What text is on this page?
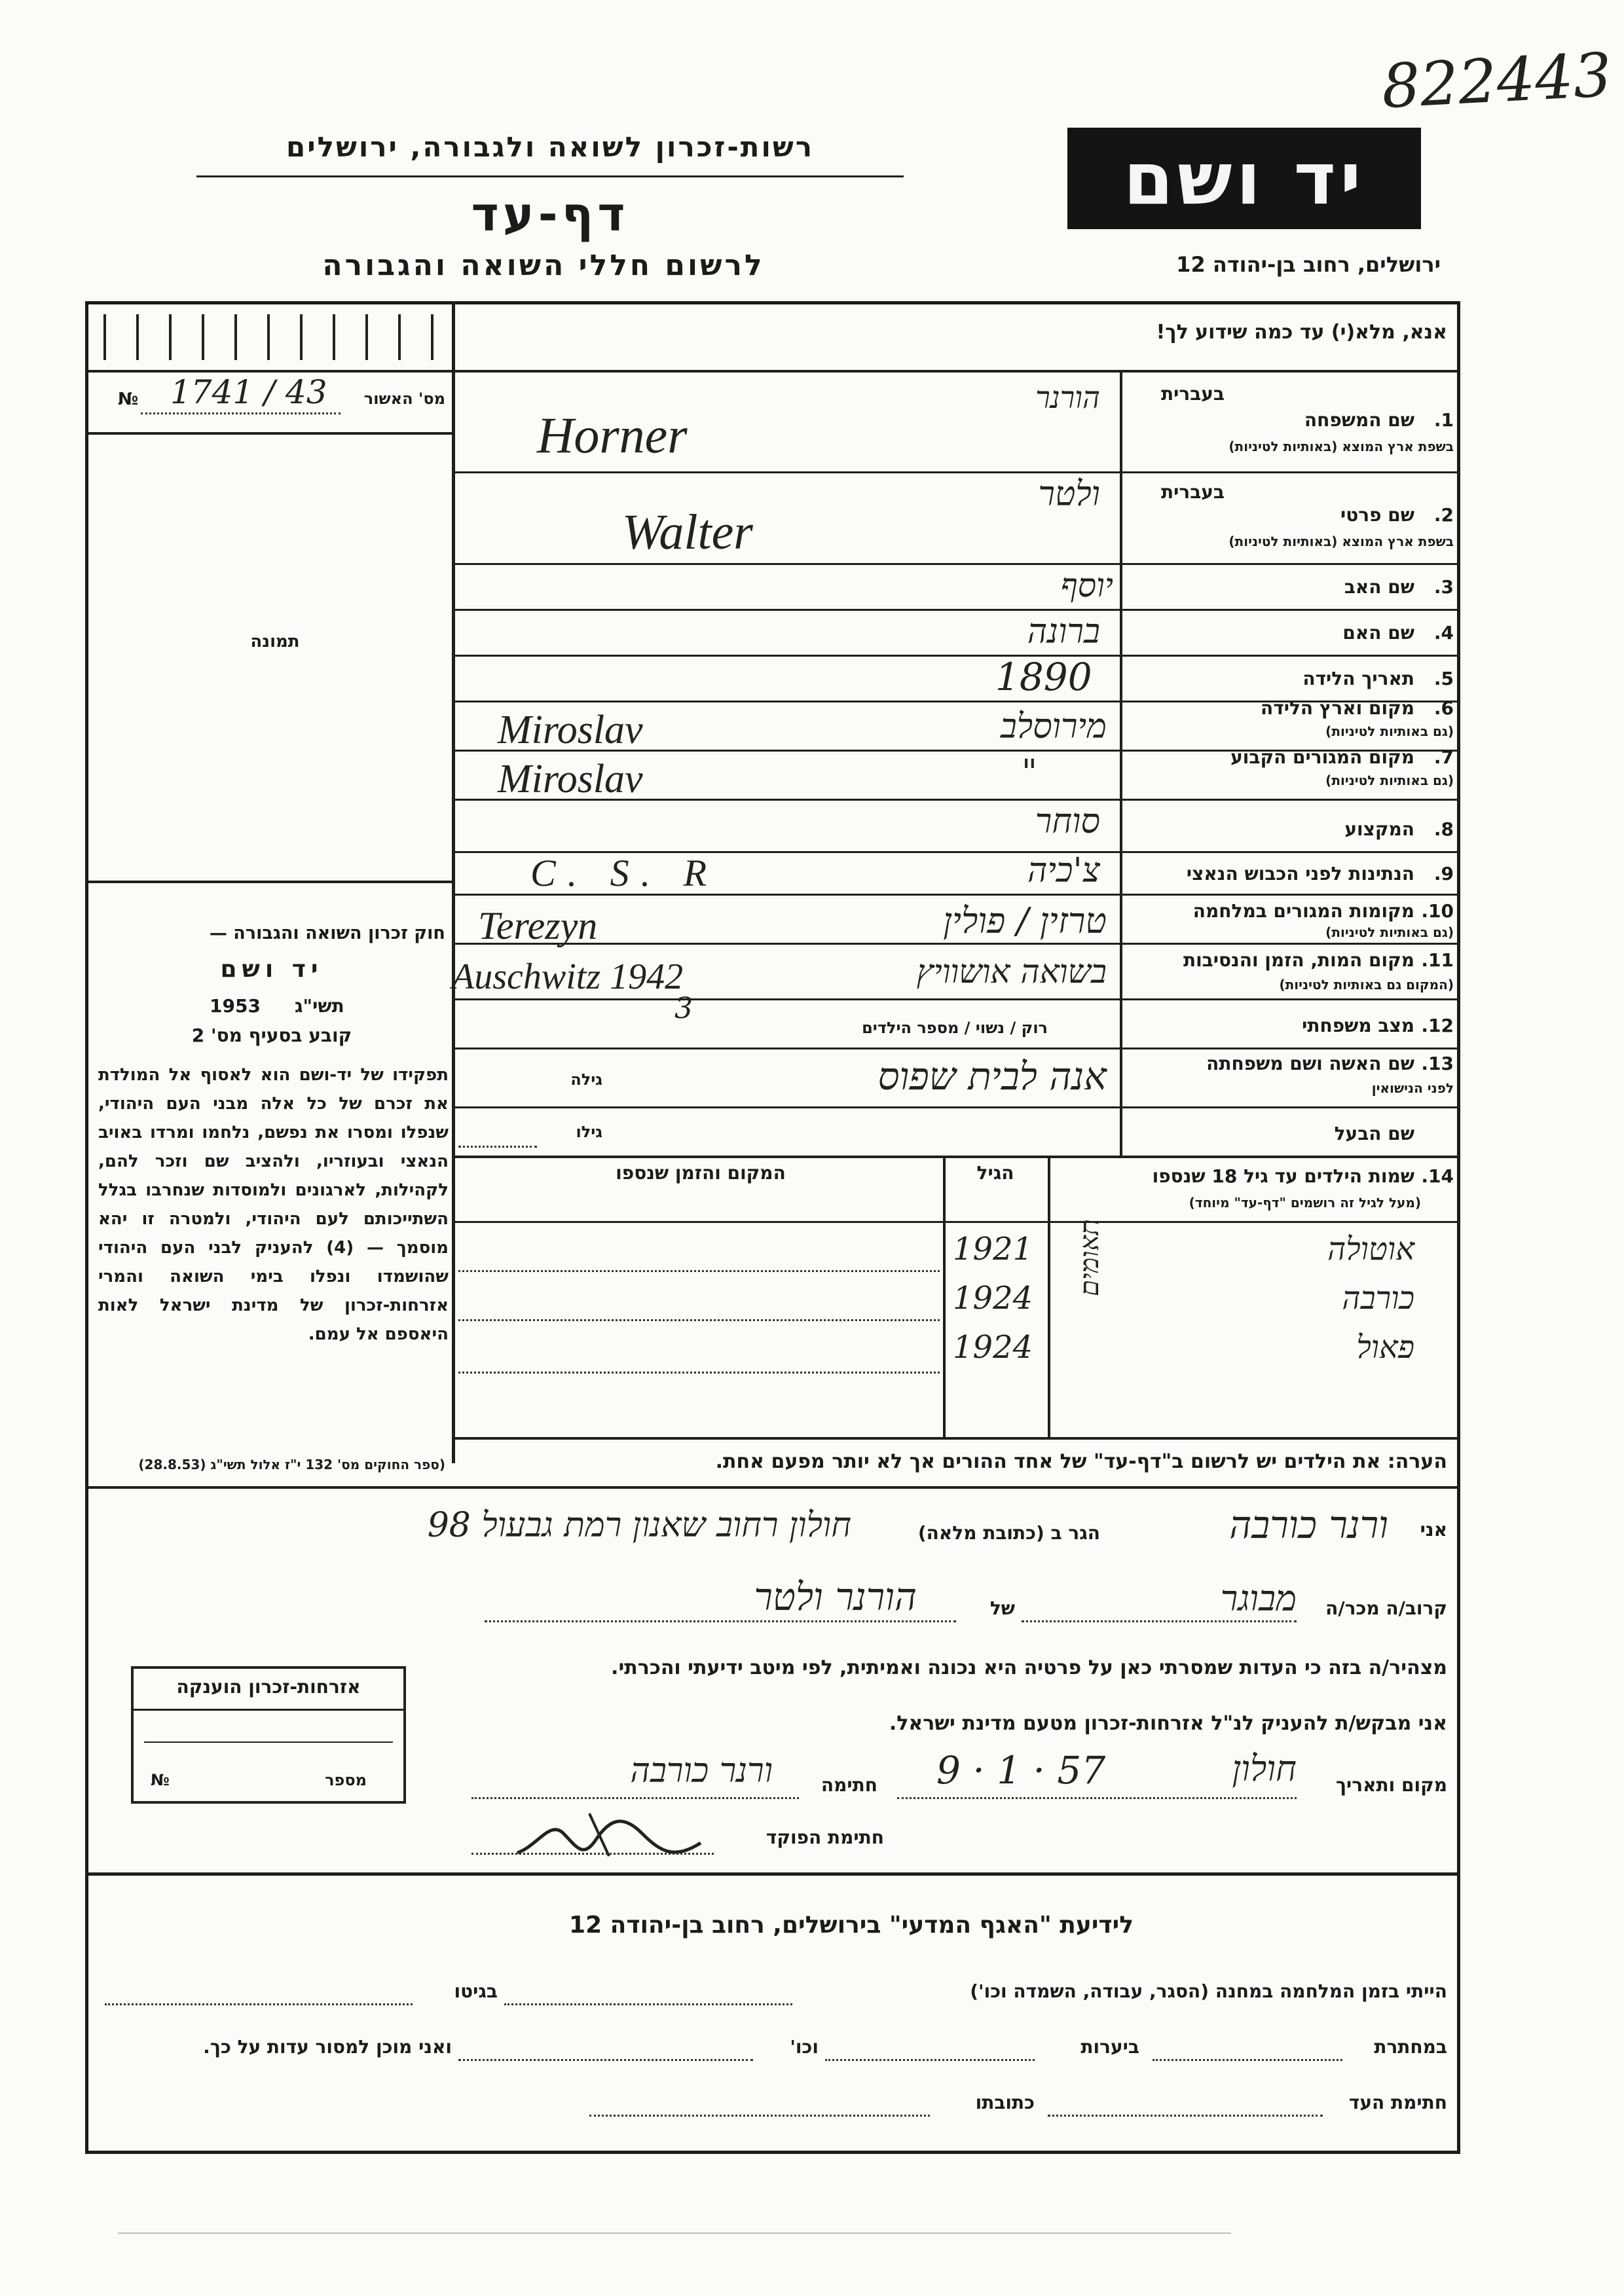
822443
רשות-זכרון לשואה ולגבורה, ירושלים
דף-עד
לרשום חללי השואה והגבורה
יד ושם
ירושלים, רחוב בן-יהודה 12
אנא, מלא(י) עד כמה שידוע לך!
מס' האשור
1741 / 43
№
תמונה
חוק זכרון השואה והגבורה —
יד ושם
1953 תשי"ג
קובע בסעיף מס' 2
תפקידו של יד-ושם הוא לאסוף אל המולדת את זכרם של כל אלה מבני העם היהודי, שנפלו ומסרו את נפשם, נלחמו ומרדו באויב הנאצי ובעוזריו, ולהציב שם וזכר להם, לקהילות, לארגונים ולמוסדות שנחרבו בגלל השתייכותם לעם היהודי, ולמטרה זו יהא מוסמך — (4) להעניק לבני העם היהודי שהושמדו ונפלו בימי השואה והמרי אזרחות-זכרון של מדינת ישראל לאות היאספם אל עמם.
(ספר החוקים מס' 132 י"ז אלול תשי"ג (28.8.53)
בעברית
1.
שם המשפחה
בשפת ארץ המוצא (באותיות לטיניות)
הורנר
Horner
בעברית
2.
שם פרטי
בשפת ארץ המוצא (באותיות לטיניות)
ולטר
Walter
3.
שם האב
יוסף
4.
שם האם
ברונה
5.
תאריך הלידה
1890
6.
מקום וארץ הלידה
(גם באותיות לטיניות)
מירוסלב
Miroslav
7.
מקום המגורים הקבוע
(גם באותיות לטיניות)
"
Miroslav
8.
המקצוע
סוחר
9.
הנתינות לפני הכבוש הנאצי
צ'כיה
C. S. R
10.
מקומות המגורים במלחמה
(גם באותיות לטיניות)
טרזין / פולין
Terezyn
11.
מקום המות, הזמן והנסיבות
(המקום גם באותיות לטיניות)
בשואה אושוויץ
Auschwitz 1942
12.
מצב משפחתי
רוק / נשוי / מספר הילדים
3
13.
שם האשה ושם משפחתה
לפני הנישואין
אנה לבית שפוס
גילה
שם הבעל
גילו
14.
שמות הילדים עד גיל 18 שנספו
(מעל לגיל זה רושמים "דף-עד" מיוחד)
הגיל
המקום והזמן שנספו
אוטולה
1921
כורבה
1924
פאול
1924
תאומים
הערה: את הילדים יש לרשום ב"דף-עד" של אחד ההורים אך לא יותר מפעם אחת.
אני
ורנר כורבה
הגר ב (כתובת מלאה)
חולון רחוב שאנון רמת גבעול 98
קרוב/ה מכר/ה
מבוגר
של
הורנר ולטר
מצהיר/ה בזה כי העדות שמסרתי כאן על פרטיה היא נכונה ואמיתית, לפי מיטב ידיעתי והכרתי.
אני מבקש/ת להעניק לנ"ל אזרחות-זכרון מטעם מדינת ישראל.
מקום ותאריך
חולון
9 · 1 · 57
חתימה
ורנר כורבה
חתימת הפוקד
אזרחות-זכרון הוענקה
מספר
№
לידיעת "האגף המדעי" בירושלים, רחוב בן-יהודה 12
הייתי בזמן המלחמה במחנה (הסגר, עבודה, השמדה וכו')
בגיטו
במחתרת
ביערות
וכו'
ואני מוכן למסור עדות על כך.
חתימת העד
כתובתו
